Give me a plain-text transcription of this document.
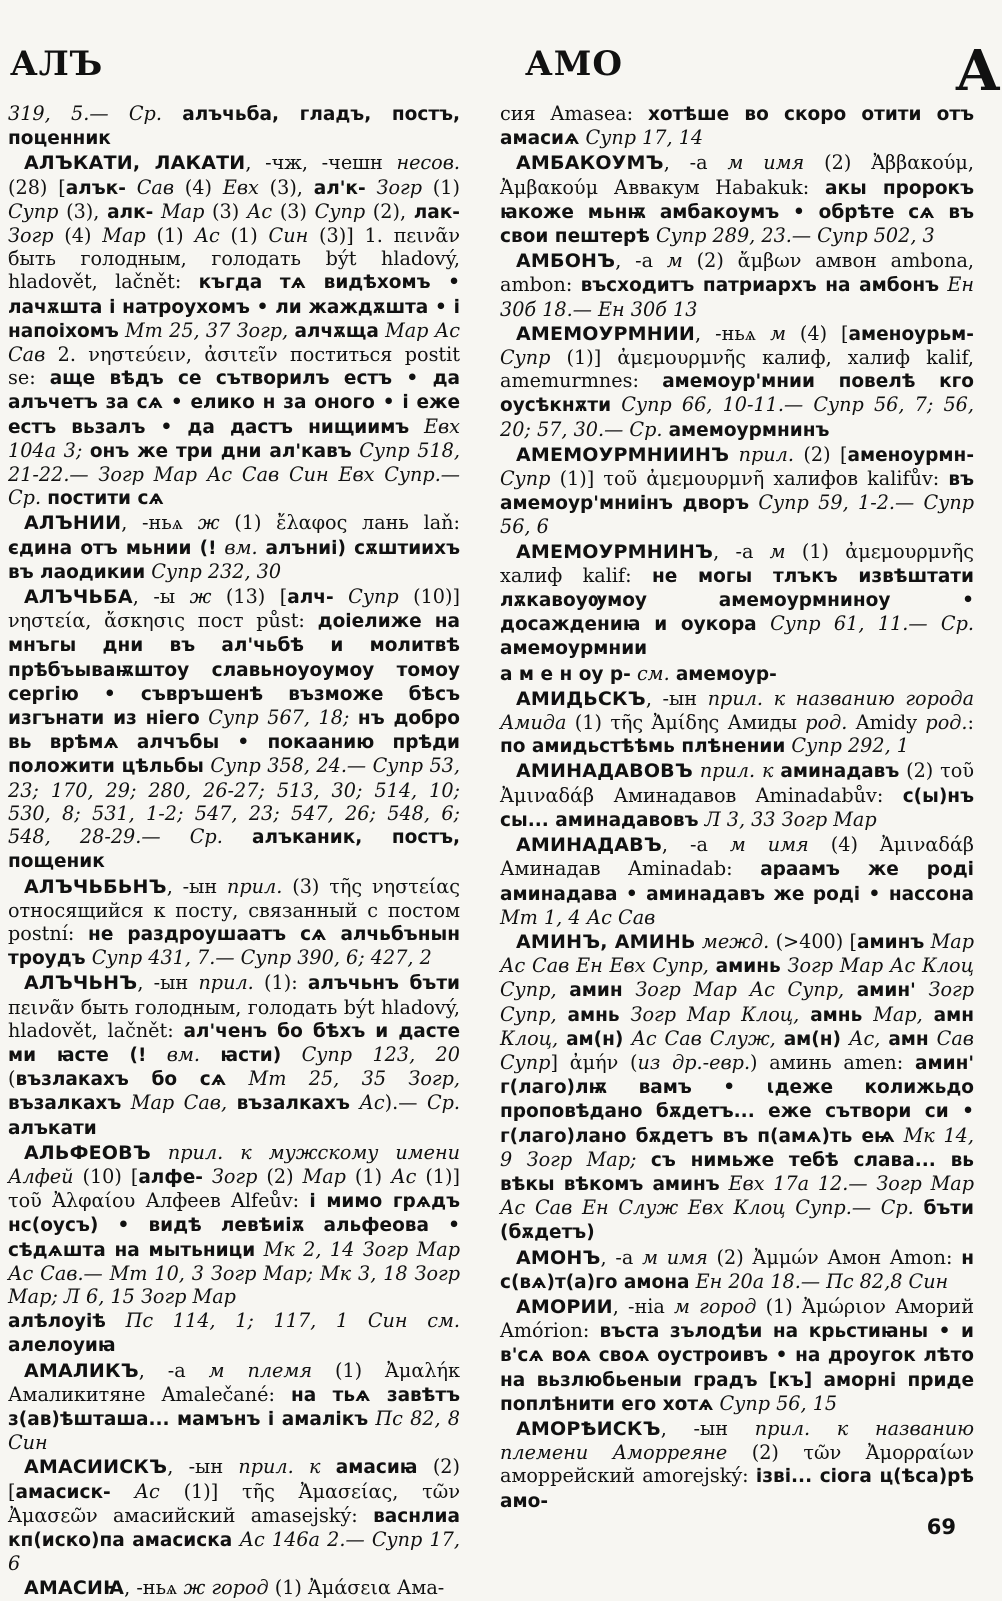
АЛЪ	АМО	А
319, 5.— Ср. алъчьба, гладъ, постъ, поценник
АЛЪКАТИ, ЛАКАТИ, -чж, -чешн несов. (28) [алък- Сав (4) Евх (3), ал'к- Зогр (1) Супр (3), алк- Мар (3) Ас (3) Супр (2), лак- Зогр (4) Мар (1) Ас (1) Син (3)] 1. πεινᾶν быть голодным, голодать být hladový, hladovět, lačnět: къгда тѧ видѣхомъ • лачѫшта і натроухомъ • ли жаждѫшта • і напоіхомъ Мт 25, 37 Зогр, алчѫща Мар Ас Сав 2. νηστεύειν, ἀσιτεῖν поститься postit se: аще вѣдъ се сътворилъ естъ • да алъчетъ за сѧ • елико н за оного • і еже естъ вьзалъ • да дастъ нищиимъ Евх 104а 3; онъ же три дни ал'кавъ Супр 518, 21-22.— Зогр Мар Ас Сав Син Евх Супр.— Ср. постити сѧ
АЛЪНИИ, -ньѧ ж (1) ἔλαφος лань laň: єдина отъ мьнии (! вм. алъниі) сѫштиихъ въ лаодикии Супр 232, 30
АЛЪЧЬБА, -ы ж (13) [алч- Супр (10)] νηστεία, ἄσκησις пост půst: доіелиже на мнъгы дни въ ал'чьбѣ и молитвѣ прѣбъываѭштоу славьноуоумоу томоу сергію • съвръшенѣ възможе бѣсъ изгънати из ніего Супр 567, 18; нъ добро вь врѣмѧ алчъбы • покаанию прѣди положити цѣльбы Супр 358, 24.— Супр 53, 23; 170, 29; 280, 26-27; 513, 30; 514, 10; 530, 8; 531, 1-2; 547, 23; 547, 26; 548, 6; 548, 28-29.— Ср. алъканик, постъ, пощеник
АЛЪЧЬБЬНЪ, -ын прил. (3) τῆς νηστείας относящийся к посту, связанный с постом postní: не раздроушаатъ сѧ алчьбънын троудъ Супр 431, 7.— Супр 390, 6; 427, 2
АЛЪЧЬНЪ, -ын прил. (1): алъчьнъ бъти πεινᾶν быть голодным, голодать být hladový, hladovět, lačnět: ал'ченъ бо бѣхъ и дасте ми ꙗсте (! вм. ꙗсти) Супр 123, 20 (възлакахъ бо сѧ Мт 25, 35 Зогр, възалкахъ Мар Сав, възалкахъ Ас).— Ср. алъкати
АЛЬФЕОВЪ прил. к мужскому имени Алфей (10) [алфе- Зогр (2) Мар (1) Ас (1)] τοῦ Ἀλφαίου Алфеев Alfeův: і мимо грѧдъ нс(оусъ) • видѣ левѣиіѫ альфеова • сѣдѧшта на мытьници Мк 2, 14 Зогр Мар Ас Сав.— Мт 10, 3 Зогр Мар; Мк 3, 18 Зогр Мар; Л 6, 15 Зогр Мар
алѣлоуіѣ Пс 114, 1; 117, 1 Син см. алелоуиꙗ
АМАЛИКЪ, -а м племя (1) Ἀμαλήκ Амаликитяне Amalečané: на тьѧ завѣтъ з(ав)ѣшташа... мамънъ і амалікъ Пс 82, 8 Син
АМАСИИСКЪ, -ын прил. к амасиꙗ (2) [амасиск- Ас (1)] τῆς Ἀμασείας, τῶν Ἀμασεῶν амасийский amasejský: васнлиа кп(иско)па амасиска Ас 146а 2.— Супр 17, 6
АМАСИꙖ, -ньѧ ж город (1) Ἀμάσεια Ама-
сия Amasea: хотѣше во скоро отити отъ амасиѧ Супр 17, 14
АМБАКОУМЪ, -а м имя (2) Ἀββακούμ, Ἀμβακούμ Аввакум Habakuk: акы пророкъ ꙗкоже мьнѭ амбакоумъ • обрѣте сѧ въ свои пештерѣ Супр 289, 23.— Супр 502, 3
АМБОНЪ, -а м (2) ἄμβων амвон ambona, ambon: въсходитъ патриархъ на амбонъ Ен 30б 18.— Ен 30б 13
АМЕМОУРМНИИ, -ньѧ м (4) [аменоурьм- Супр (1)] ἀμεμουρμνῆς калиф, халиф kalif, amemurmnes: амемоур'мнии повелѣ кго оусѣкнѫти Супр 66, 10-11.— Супр 56, 7; 56, 20; 57, 30.— Ср. амемоурмнинъ
АМЕМОУРМНИИНЪ прил. (2) [аменоурмн- Супр (1)] τοῦ ἀμεμουρμνῆ халифов kalifův: въ амемоур'мниінъ дворъ Супр 59, 1-2.— Супр 56, 6
АМЕМОУРМНИНЪ, -а м (1) ἀμεμουρμνῆς халиф kalif: не могы тлъкъ извѣштати лѫкавоуѹмоу амемоурмниноу • досаждениꙗ и оукора Супр 61, 11.— Ср. амемоурмнии
а м е н оу р- см. амемоур-
АМИДЬСКЪ, -ын прил. к названию города Амида (1) τῆς Ἀμίδης Амиды род. Amidy род.: по амидьстѣѣмь плѣнении Супр 292, 1
АМИНАДАВОВЪ прил. к аминадавъ (2) τοῦ Ἀμιναδάβ Аминадавов Aminadabův: с(ы)нъ сы... аминадавовъ Л 3, 33 Зогр Мар
АМИНАДАВЪ, -а м имя (4) Ἀμιναδάβ Аминадав Aminadab: араамъ же роді аминадава • аминадавъ же роді • нассона Мт 1, 4 Ас Сав
АМИНЪ, АМИНЬ межд. (>400) [аминъ Мар Ас Сав Ен Евх Супр, аминь Зогр Мар Ас Клоц Супр, амин Зогр Мар Ас Супр, амин' Зогр Супр, амнь Зогр Мар Клоц, амнь Мар, амн Клоц, ам(н) Ас Сав Служ, ам(н) Ас, амн Сав Супр] ἀμήν (из др.-евр.) аминь amen: амин' г(лаго)лѭ вамъ • ꙇдеже колижьдо проповѣдано бѫдетъ... еже сътвори си • г(лаго)лано бѫдетъ въ п(амѧ)ть еѩ Мк 14, 9 Зогр Мар; съ нимьже тебѣ слава... вь вѣкы вѣкомъ аминъ Евх 17а 12.— Зогр Мар Ас Сав Ен Служ Евх Клоц Супр.— Ср. бъти (бѫдетъ)
АМОНЪ, -а м имя (2) Ἀμμών Амон Amon: н с(вѧ)т(а)го амона Ен 20а 18.— Пс 82,8 Син
АМОРИИ, -ніа м город (1) Ἀμώριον Аморий Amórion: въста зълодѣи на крьстиꙗны • и в'сѧ воѧ своѧ оустроивъ • на дроугок лѣто на вьзлюбьеныи градъ [къ] аморні приде поплѣнити его хотѧ Супр 56, 15
АМОРѢИСКЪ, -ын прил. к названию племени Аморреяне (2) τῶν Ἀμορραίων аморрейский amorejský: ізві... сіога ц(ѣса)рѣ амо-
69
